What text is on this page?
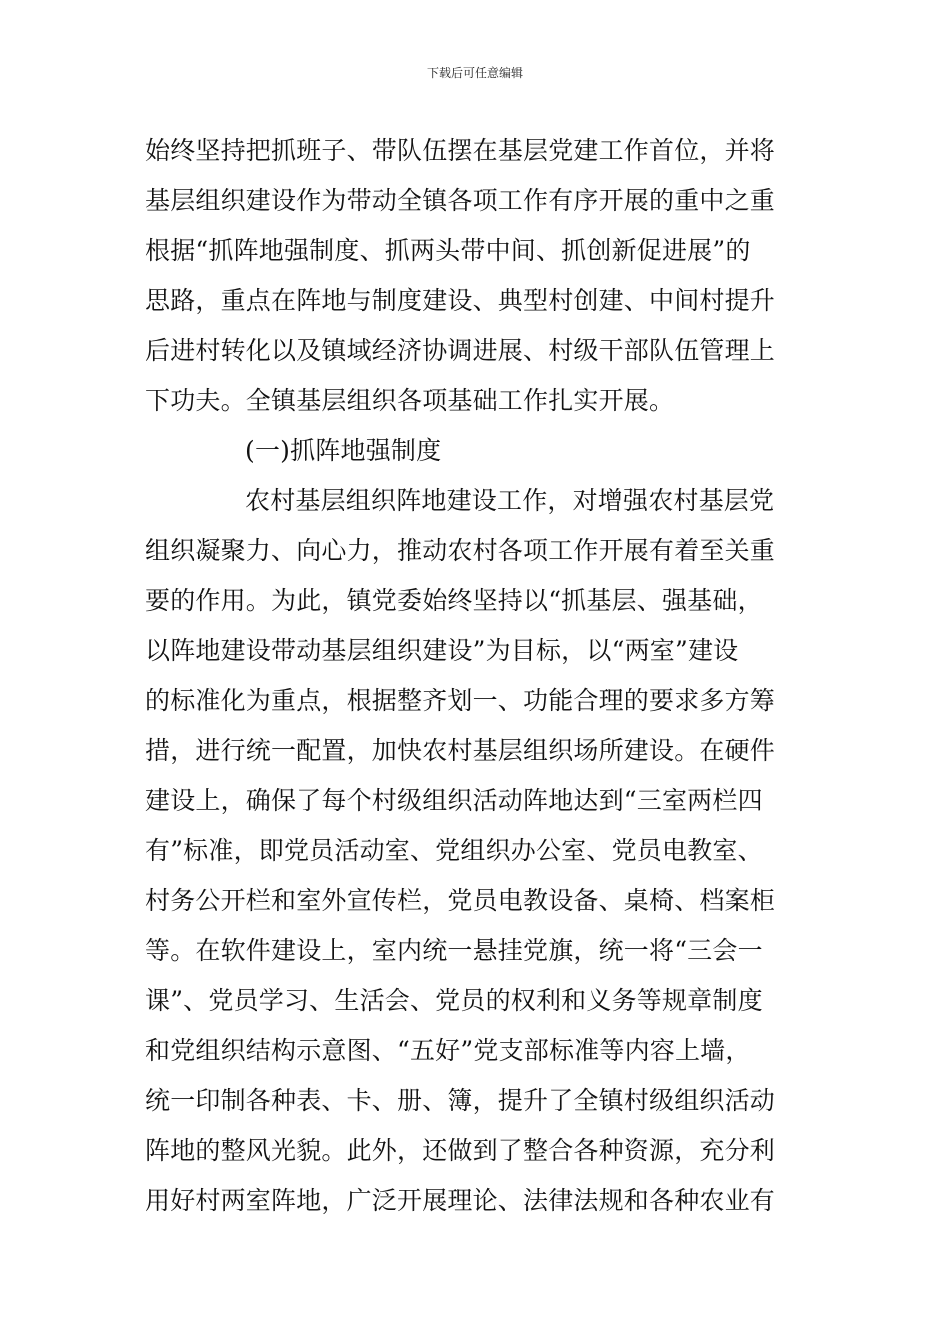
下载后可任意编辑
始终坚持把抓班子、带队伍摆在基层党建工作首位，并将
基层组织建设作为带动全镇各项工作有序开展的重中之重
根据“抓阵地强制度、抓两头带中间、抓创新促进展”的
思路，重点在阵地与制度建设、典型村创建、中间村提升
后进村转化以及镇域经济协调进展、村级干部队伍管理上
下功夫。全镇基层组织各项基础工作扎实开展。
(一)抓阵地强制度
农村基层组织阵地建设工作，对增强农村基层党
组织凝聚力、向心力，推动农村各项工作开展有着至关重
要的作用。为此，镇党委始终坚持以“抓基层、强基础，
以阵地建设带动基层组织建设”为目标，以“两室”建设
的标准化为重点，根据整齐划一、功能合理的要求多方筹
措，进行统一配置，加快农村基层组织场所建设。在硬件
建设上，确保了每个村级组织活动阵地达到“三室两栏四
有”标准，即党员活动室、党组织办公室、党员电教室、
村务公开栏和室外宣传栏，党员电教设备、桌椅、档案柜
等。在软件建设上，室内统一悬挂党旗，统一将“三会一
课”、党员学习、生活会、党员的权利和义务等规章制度
和党组织结构示意图、“五好”党支部标准等内容上墙，
统一印制各种表、卡、册、簿，提升了全镇村级组织活动
阵地的整风光貌。此外，还做到了整合各种资源，充分利
用好村两室阵地，广泛开展理论、法律法规和各种农业有
